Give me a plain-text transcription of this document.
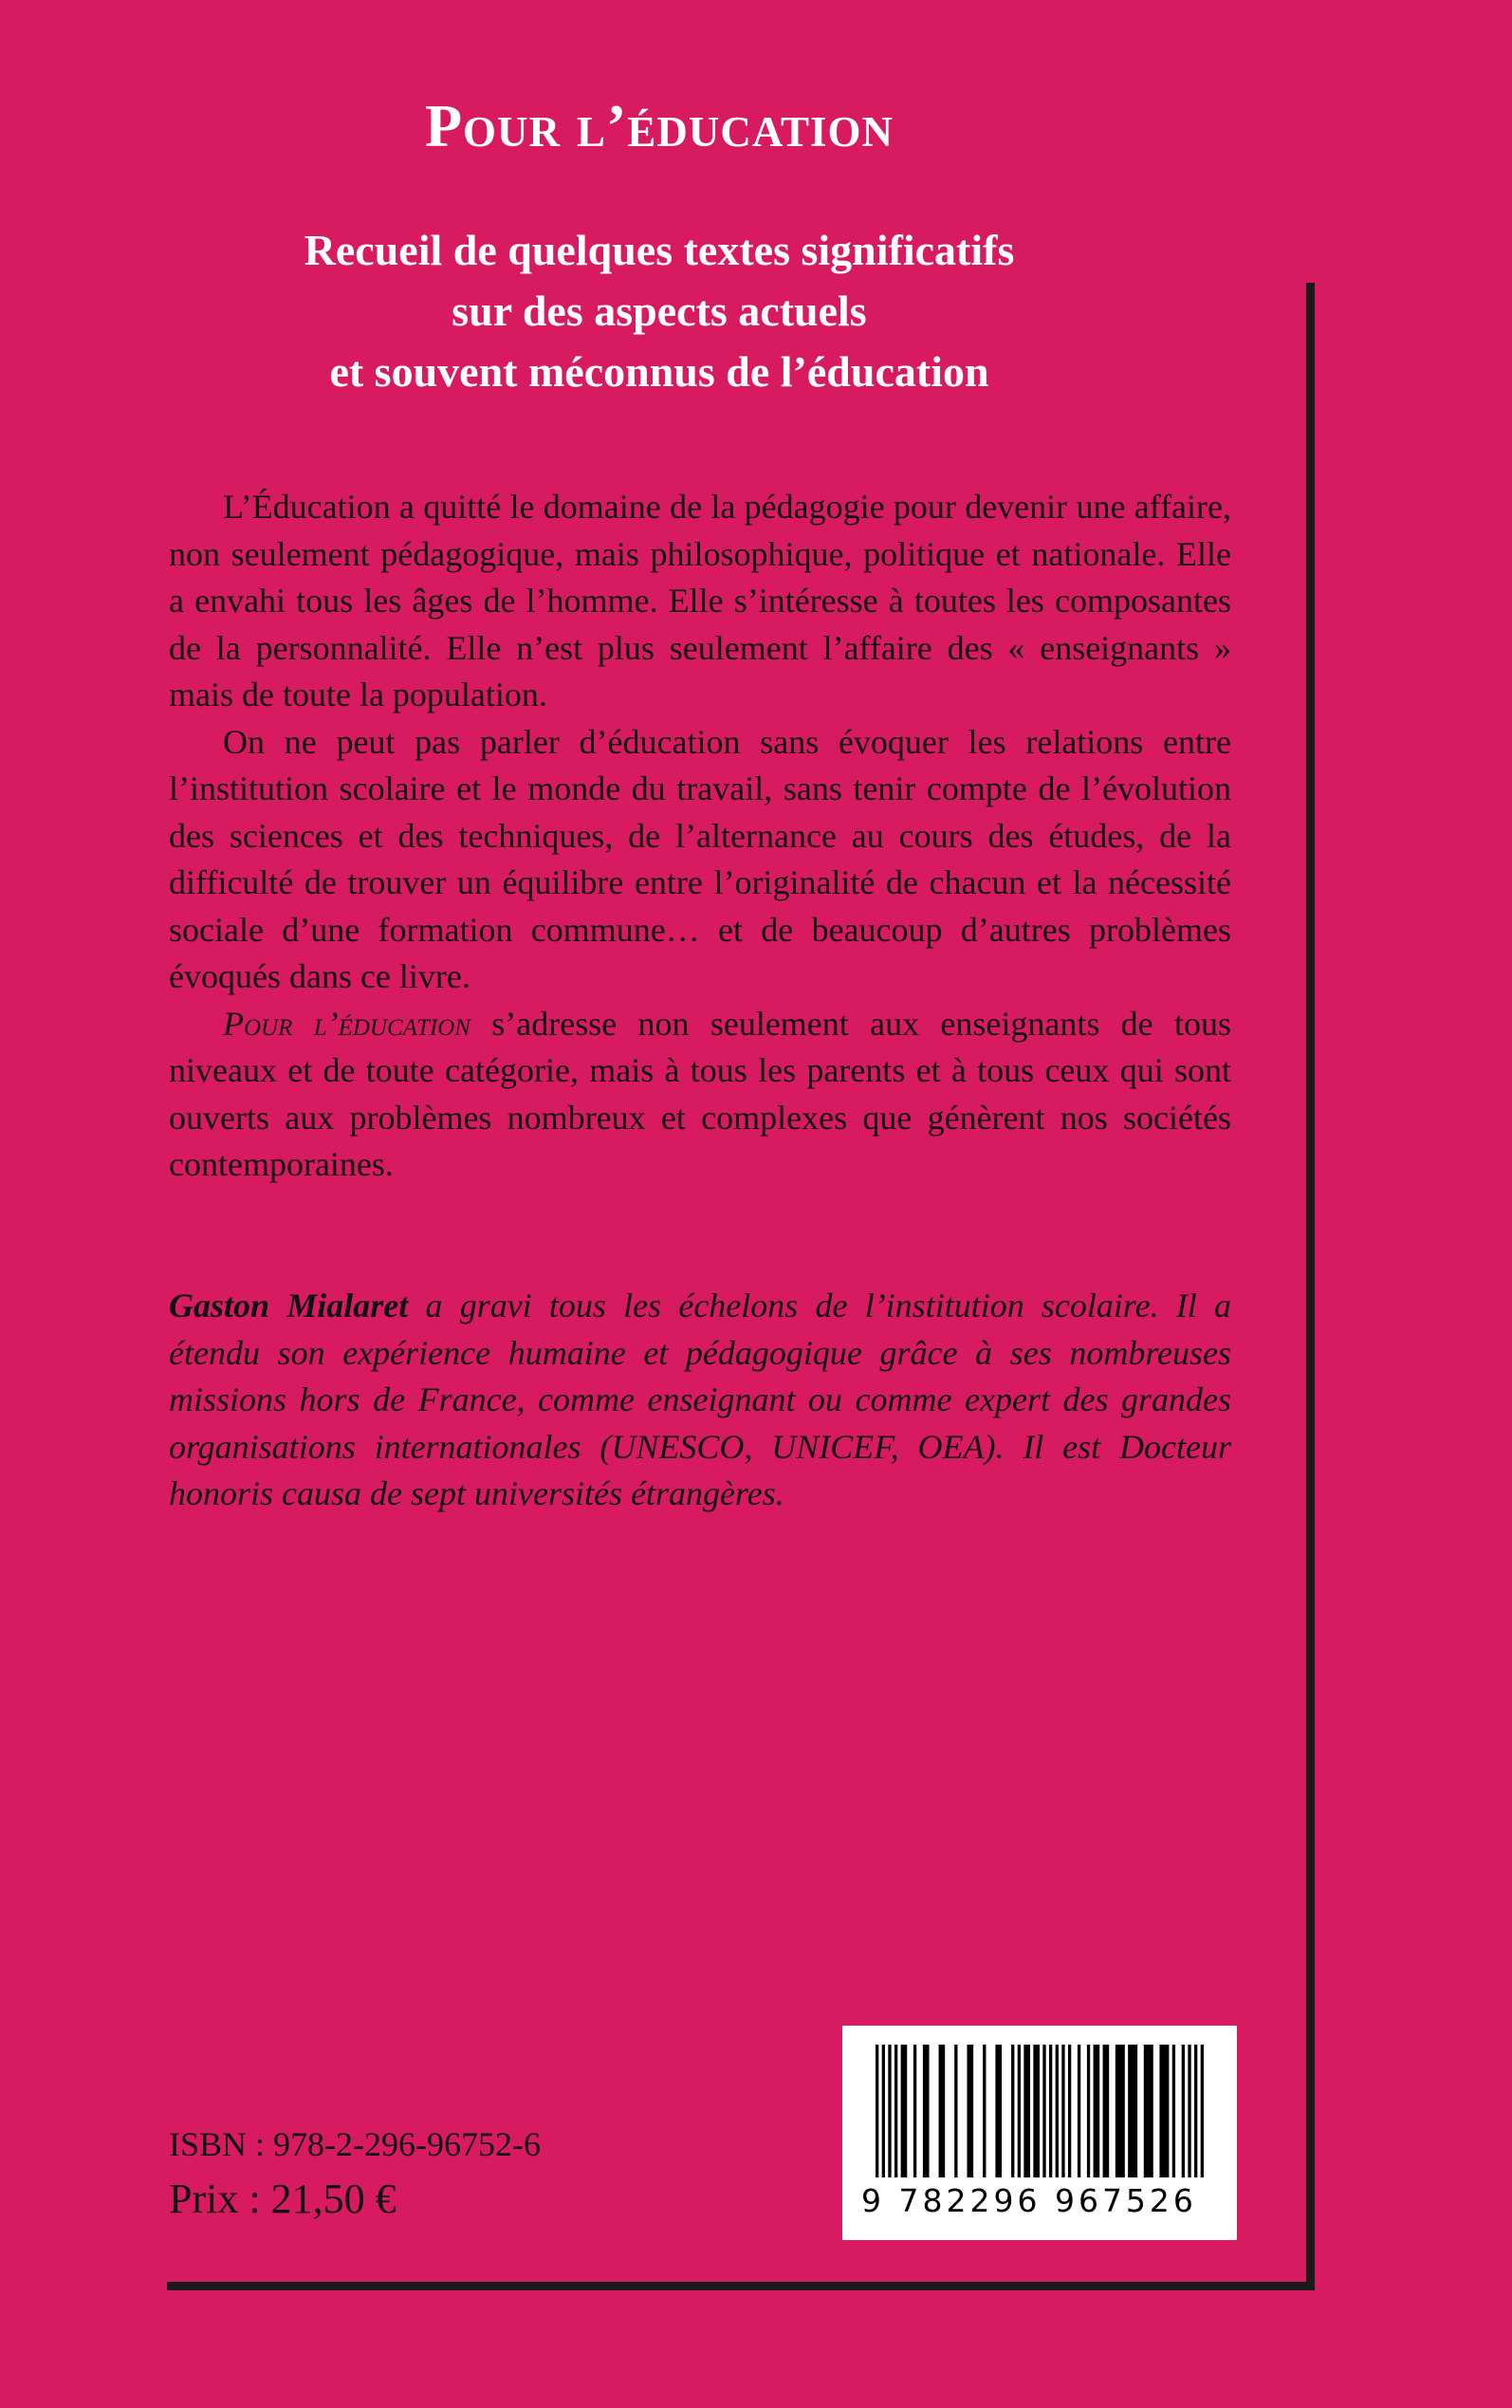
Pour l’éducation
Recueil de quelques textes significatifs
sur des aspects actuels
et souvent méconnus de l’éducation

L’Éducation a quitté le domaine de la pédagogie pour devenir une affaire, non seulement pédagogique, mais philosophique, politique et nationale. Elle a envahi tous les âges de l’homme. Elle s’intéresse à toutes les composantes de la personnalité. Elle n’est plus seulement l’affaire des « enseignants » mais de toute la population.

On ne peut pas parler d’éducation sans évoquer les relations entre l’institution scolaire et le monde du travail, sans tenir compte de l’évolution des sciences et des techniques, de l’alternance au cours des études, de la difficulté de trouver un équilibre entre l’originalité de chacun et la nécessité sociale d’une formation commune… et de beaucoup d’autres problèmes évoqués dans ce livre.

Pour l’éducation s’adresse non seulement aux enseignants de tous niveaux et de toute catégorie, mais à tous les parents et à tous ceux qui sont ouverts aux problèmes nombreux et complexes que génèrent nos sociétés contemporaines.

Gaston Mialaret a gravi tous les échelons de l’institution scolaire. Il a étendu son expérience humaine et pédagogique grâce à ses nombreuses missions hors de France, comme enseignant ou comme expert des grandes organisations internationales (UNESCO, UNICEF, OEA). Il est Docteur honoris causa de sept universités étrangères.
ISBN : 978-2-296-96752-6
Prix : 21,50 €	9 782296 967526
